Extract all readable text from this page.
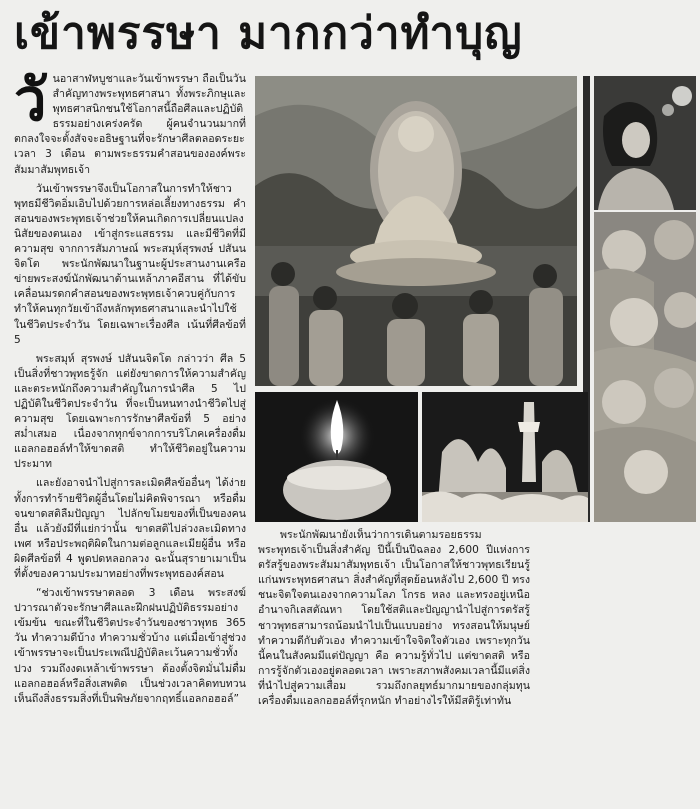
เข้าพรรษา มากกว่าทำบุญ

วันอาสาฬหบูชาและวันเข้าพรรษา ถือเป็นวันสำคัญทางพระพุทธศาสนา ทั้งพระภิกษุและพุทธศาสนิกชนใช้โอกาสนี้ถือศีลและปฏิบัติธรรมอย่างเคร่งครัด ผู้คนจำนวนมากที่ตกลงใจจะตั้งสัจจะอธิษฐานที่จะรักษาศีลตลอดระยะเวลา 3 เดือน ตามพระธรรมคำสอนขององค์พระสัมมาสัมพุทธเจ้า

วันเข้าพรรษาจึงเป็นโอกาสในการทำให้ชาวพุทธมีชีวิตอิ่มเอิบไปด้วยการหล่อเลี้ยงทางธรรม คำสอนของพระพุทธเจ้าช่วยให้คนเกิดการเปลี่ยนแปลงนิสัยของตนเอง เข้าสู่กระแสธรรม และมีชีวิตที่มีความสุข จากการสัมภาษณ์ พระสมุห์สุรพงษ์ ปสันนจิตโต พระนักพัฒนาในฐานะผู้ประสานงานเครือข่ายพระสงฆ์นักพัฒนาต้านเหล้าภาคอีสาน ที่ได้ขับเคลื่อนมรดกคำสอนของพระพุทธเจ้าควบคู่กับการทำให้คนทุกวัยเข้าถึงหลักพุทธศาสนาและนำไปใช้ในชีวิตประจำวัน โดยเฉพาะเรื่องศีล เน้นที่ศีลข้อที่ 5

พระสมุห์ สุรพงษ์ ปสันนจิตโต กล่าวว่า ศีล 5 เป็นสิ่งที่ชาวพุทธรู้จัก แต่ยังขาดการให้ความสำคัญและตระหนักถึงความสำคัญในการนำศีล 5 ไปปฏิบัติในชีวิตประจำวัน ที่จะเป็นหนทางนำชีวิตไปสู่ความสุข โดยเฉพาะการรักษาศีลข้อที่ 5 อย่างสม่ำเสมอ เนื่องจากทุกข์จากการบริโภคเครื่องดื่มแอลกอฮอล์ทำให้ขาดสติ ทำให้ชีวิตอยู่ในความประมาท

และยังอาจนำไปสู่การละเมิดศีลข้ออื่นๆ ได้ง่าย ทั้งการทำร้ายชีวิตผู้อื่นโดยไม่คิดพิจารณา หรือดื่มจนขาดสติลืมปัญญา ไปลักขโมยของที่เป็นของคนอื่น แล้วยังมีที่แย่กว่านั้น ขาดสติไปล่วงละเมิดทางเพศ หรือประพฤติผิดในกามต่อลูกและเมียผู้อื่น หรือผิดศีลข้อที่ 4 พูดปดหลอกลวง ฉะนั้นสุรายาเมาเป็นที่ตั้งของความประมาทอย่างที่พระพุทธองค์สอน

“ช่วงเข้าพรรษาตลอด 3 เดือน พระสงฆ์ปวารณาตัวจะรักษาศีลและฝึกฝนปฏิบัติธรรมอย่างเข้มข้น ขณะที่ในชีวิตประจำวันของชาวพุทธ 365 วัน ทำความดีบ้าง ทำความชั่วบ้าง แต่เมื่อเข้าสู่ช่วงเข้าพรรษาจะเป็นประเพณีปฏิบัติละเว้นความชั่วทั้งปวง รวมถึงงดเหล้าเข้าพรรษา ต้องตั้งจิตมั่นไม่ดื่มแอลกอฮอล์หรือสิ่งเสพติด เป็นช่วงเวลาคิดทบทวนเห็นถึงสิ่งธรรมสิ่งที่เป็นพิษภัยจากฤทธิ์แอลกอฮอล์”

พระนักพัฒนายังเห็นว่าการเดินตามรอยธรรมพระพุทธเจ้าเป็นสิ่งสำคัญ ปีนี้เป็นปีฉลอง 2,600 ปีแห่งการตรัสรู้ของพระสัมมาสัมพุทธเจ้า เป็นโอกาสให้ชาวพุทธเรียนรู้แก่นพระพุทธศาสนา สิ่งสำคัญที่สุดย้อนหลังไป 2,600 ปี ทรงชนะจิตใจตนเองจากความโลภ โกรธ หลง และทรงอยู่เหนืออำนาจกิเลสตัณหา โดยใช้สติและปัญญานำไปสู่การตรัสรู้ ชาวพุทธสามารถน้อมนำไปเป็นแบบอย่าง ทรงสอนให้มนุษย์ทำความดีกับตัวเอง ทำความเข้าใจจิตใจตัวเอง เพราะทุกวันนี้คนในสังคมมีแต่ปัญญา คือ ความรู้ทั่วไป แต่ขาดสติ หรือการรู้จักตัวเองอยู่ตลอดเวลา เพราะสภาพสังคมเวลานี้มีแต่สิ่งที่นำไปสู่ความเสื่อม รวมถึงกลยุทธ์มากมายของกลุ่มทุนเครื่องดื่มแอลกอฮอล์ที่รุกหนัก ทำอย่างไรให้มีสติรู้เท่าทัน
